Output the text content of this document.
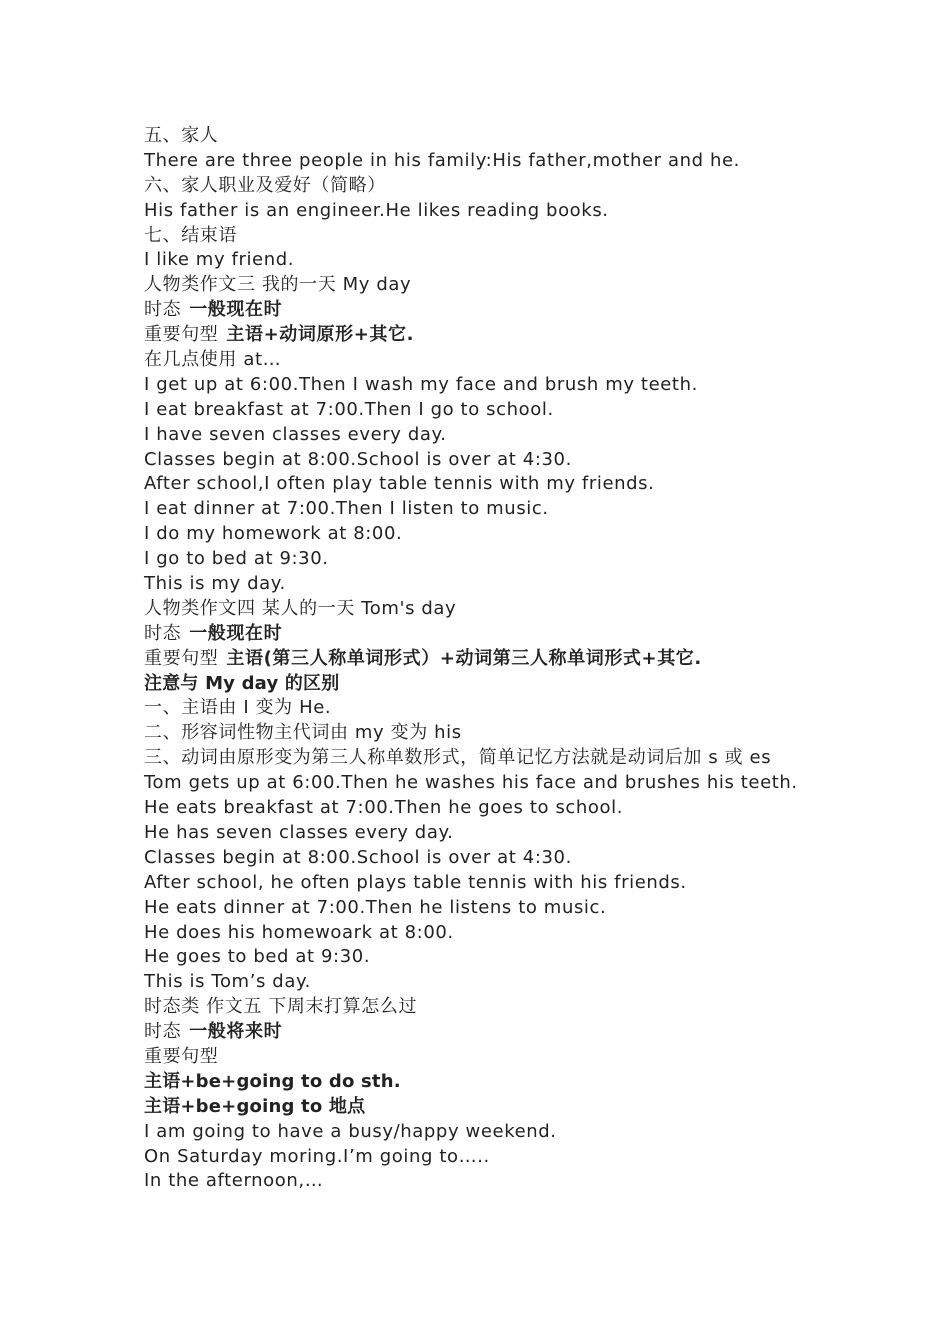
五、家人
There are three people in his family:His father,mother and he.
六、家人职业及爱好（简略）
His father is an engineer.He likes reading books.
七、结束语
I like my friend.
人物类作文三 我的一天 My day
时态 一般现在时
重要句型 主语+动词原形+其它.
在几点使用 at…
I get up at 6:00.Then I wash my face and brush my teeth.
I eat breakfast at 7:00.Then I go to school.
I have seven classes every day.
Classes begin at 8:00.School is over at 4:30.
After school,I often play table tennis with my friends.
I eat dinner at 7:00.Then I listen to music.
I do my homework at 8:00.
I go to bed at 9:30.
This is my day.
人物类作文四 某人的一天 Tom's day
时态 一般现在时
重要句型 主语(第三人称单词形式）+动词第三人称单词形式+其它.
注意与 My day 的区别
一、主语由 I 变为 He.
二、形容词性物主代词由 my 变为 his
三、动词由原形变为第三人称单数形式，简单记忆方法就是动词后加 s 或 es
Tom gets up at 6:00.Then he washes his face and brushes his teeth.
He eats breakfast at 7:00.Then he goes to school.
He has seven classes every day.
Classes begin at 8:00.School is over at 4:30.
After school, he often plays table tennis with his friends.
He eats dinner at 7:00.Then he listens to music.
He does his homewoark at 8:00.
He goes to bed at 9:30.
This is Tom’s day.
时态类 作文五 下周末打算怎么过
时态 一般将来时
重要句型
主语+be+going to do sth.
主语+be+going to 地点
I am going to have a busy/happy weekend.
On Saturday moring.I’m going to…..
In the afternoon,…
